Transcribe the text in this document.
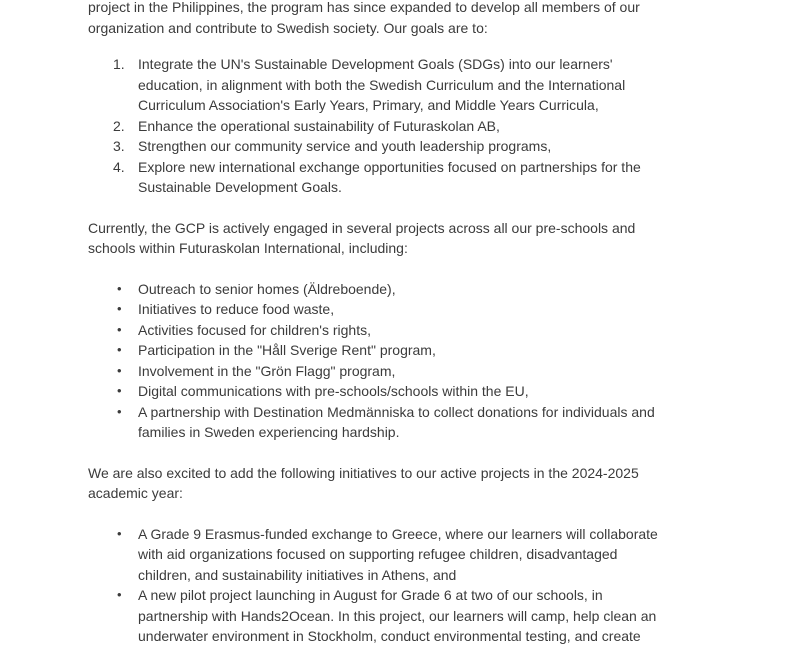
project in the Philippines, the program has since expanded to develop all members of our
organization and contribute to Swedish society. Our goals are to:
1. Integrate the UN's Sustainable Development Goals (SDGs) into our learners'
education, in alignment with both the Swedish Curriculum and the International
Curriculum Association's Early Years, Primary, and Middle Years Curricula,
2. Enhance the operational sustainability of Futuraskolan AB,
3. Strengthen our community service and youth leadership programs,
4. Explore new international exchange opportunities focused on partnerships for the
Sustainable Development Goals.
Currently, the GCP is actively engaged in several projects across all our pre-schools and
schools within Futuraskolan International, including:
•	Outreach to senior homes (Äldreboende),
•	Initiatives to reduce food waste,
•	Activities focused for children's rights,
•	Participation in the "Håll Sverige Rent" program,
•	Involvement in the "Grön Flagg" program,
•	Digital communications with pre-schools/schools within the EU,
•	A partnership with Destination Medmänniska to collect donations for individuals and
families in Sweden experiencing hardship.
We are also excited to add the following initiatives to our active projects in the 2024-2025
academic year:
•	A Grade 9 Erasmus-funded exchange to Greece, where our learners will collaborate
with aid organizations focused on supporting refugee children, disadvantaged
children, and sustainability initiatives in Athens, and
•	A new pilot project launching in August for Grade 6 at two of our schools, in
partnership with Hands2Ocean. In this project, our learners will camp, help clean an
underwater environment in Stockholm, conduct environmental testing, and create
